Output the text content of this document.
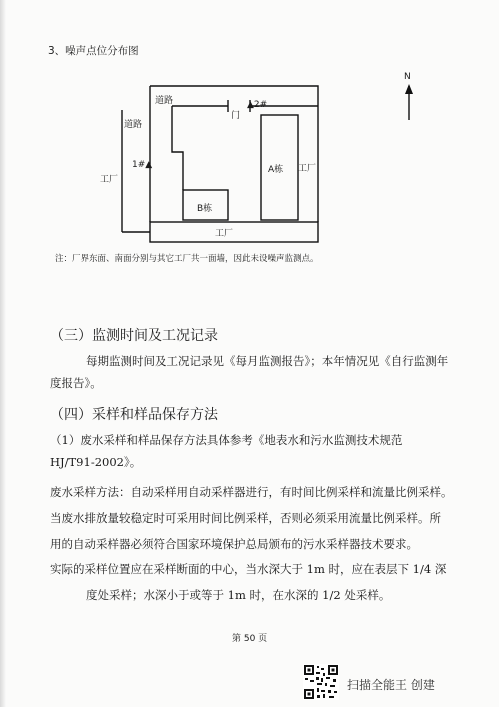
3、噪声点位分布图
道路
道路
门
▲2#
1#▲
工厂
A栋 工厂
B栋
工厂
N
注：厂界东面、南面分别与其它工厂共一面墙，因此未设噪声监测点。
（三）监测时间及工况记录
每期监测时间及工况记录见《每月监测报告》；本年情况见《自行监测年
度报告》。
（四）采样和样品保存方法
（1）废水采样和样品保存方法具体参考《地表水和污水监测技术规范
HJ/T91-2002》。
废水采样方法：自动采样用自动采样器进行，有时间比例采样和流量比例采样。
当废水排放量较稳定时可采用时间比例采样，否则必须采用流量比例采样。所
用的自动采样器必须符合国家环境保护总局颁布的污水采样器技术要求。
实际的采样位置应在采样断面的中心，当水深大于 1m 时，应在表层下 1/4 深
度处采样；水深小于或等于 1m 时，在水深的 1/2 处采样。
第 50 页
扫描全能王 创建
